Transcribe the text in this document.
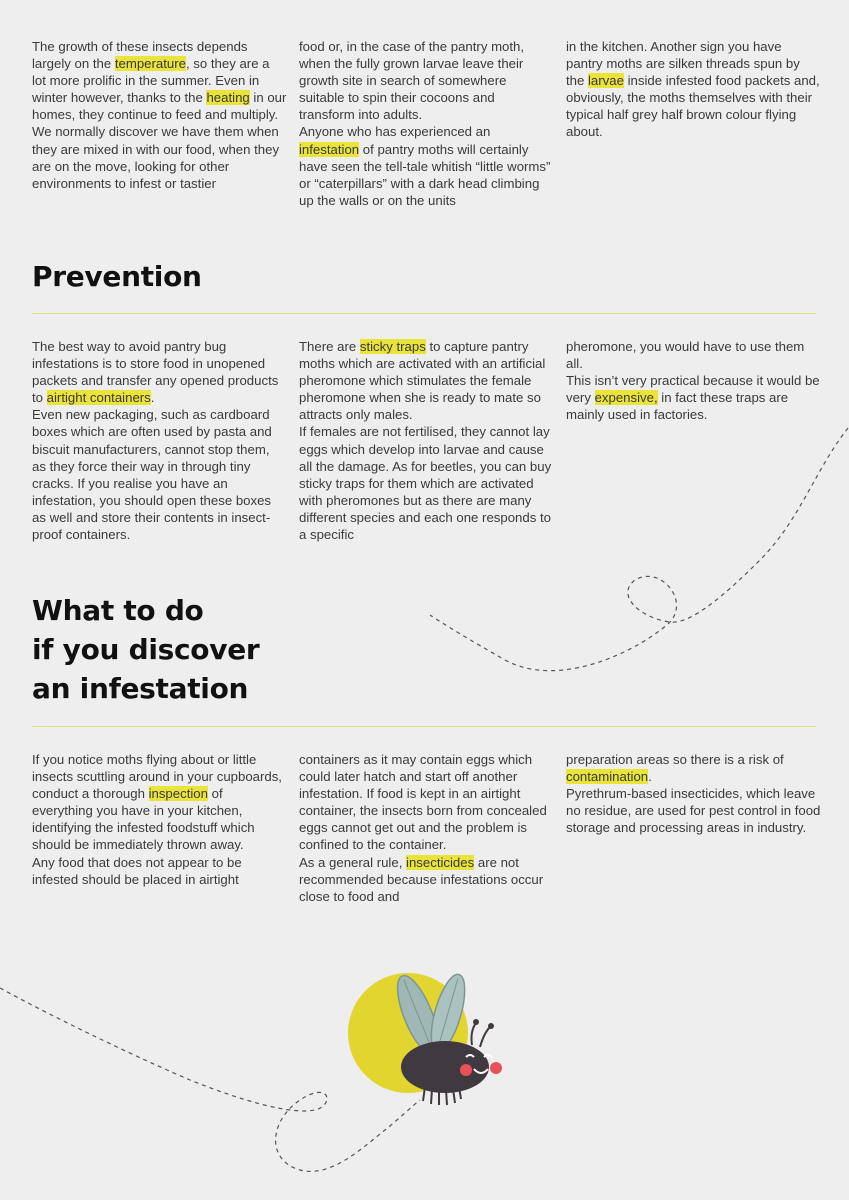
The growth of these insects depends largely on the temperature, so they are a lot more prolific in the summer. Even in winter however, thanks to the heating in our homes, they continue to feed and multiply.

We normally discover we have them when they are mixed in with our food, when they are on the move, looking for other environments to infest or tastier

food or, in the case of the pantry moth, when the fully grown larvae leave their growth site in search of somewhere suitable to spin their cocoons and transform into adults.

Anyone who has experienced an infestation of pantry moths will certainly have seen the tell-tale whitish “little worms” or “caterpillars” with a dark head climbing up the walls or on the units

in the kitchen. Another sign you have pantry moths are silken threads spun by the larvae inside infested food packets and, obviously, the moths themselves with their typical half grey half brown colour flying about.

Prevention

The best way to avoid pantry bug infestations is to store food in unopened packets and transfer any opened products to airtight containers.

Even new packaging, such as cardboard boxes which are often used by pasta and biscuit manufacturers, cannot stop them, as they force their way in through tiny cracks. If you realise you have an infestation, you should open these boxes as well and store their contents in insect-proof containers.

There are sticky traps to capture pantry moths which are activated with an artificial pheromone which stimulates the female pheromone when she is ready to mate so attracts only males.

If females are not fertilised, they cannot lay eggs which develop into larvae and cause all the damage. As for beetles, you can buy sticky traps for them which are activated with pheromones but as there are many different species and each one responds to a specific

pheromone, you would have to use them all.

This isn’t very practical because it would be very expensive, in fact these traps are mainly used in factories.

What to do
if you discover
an infestation

If you notice moths flying about or little insects scuttling around in your cupboards, conduct a thorough inspection of everything you have in your kitchen, identifying the infested foodstuff which should be immediately thrown away.

Any food that does not appear to be infested should be placed in airtight

containers as it may contain eggs which could later hatch and start off another infestation. If food is kept in an airtight container, the insects born from concealed eggs cannot get out and the problem is confined to the container.

As a general rule, insecticides are not recommended because infestations occur close to food and

preparation areas so there is a risk of contamination.

Pyrethrum-based insecticides, which leave no residue, are used for pest control in food storage and processing areas in industry.
